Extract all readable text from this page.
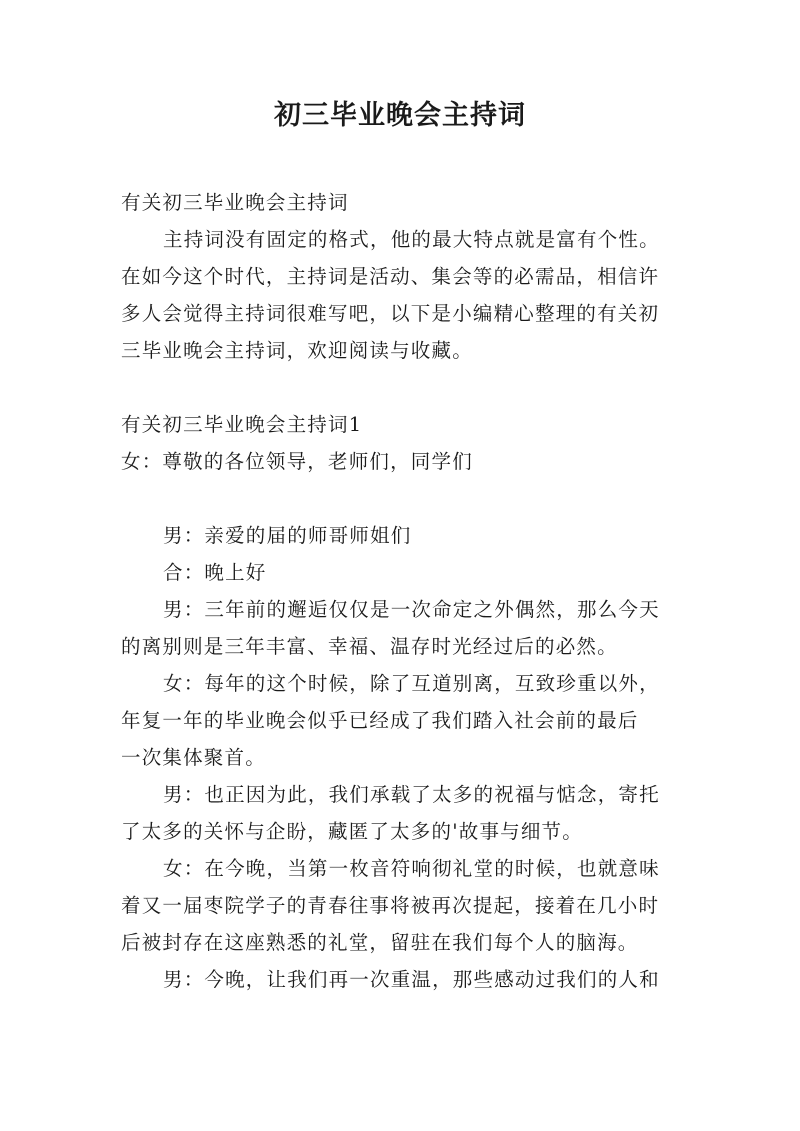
初三毕业晚会主持词
有关初三毕业晚会主持词
主持词没有固定的格式，他的最大特点就是富有个性。
在如今这个时代，主持词是活动、集会等的必需品，相信许
多人会觉得主持词很难写吧，以下是小编精心整理的有关初
三毕业晚会主持词，欢迎阅读与收藏。
有关初三毕业晚会主持词1
女：尊敬的各位领导，老师们，同学们
男：亲爱的届的师哥师姐们
合：晚上好
男：三年前的邂逅仅仅是一次命定之外偶然，那么今天
的离别则是三年丰富、幸福、温存时光经过后的必然。
女：每年的这个时候，除了互道别离，互致珍重以外，
年复一年的毕业晚会似乎已经成了我们踏入社会前的最后
一次集体聚首。
男：也正因为此，我们承载了太多的祝福与惦念，寄托
了太多的关怀与企盼，藏匿了太多的'故事与细节。
女：在今晚，当第一枚音符响彻礼堂的时候，也就意味
着又一届枣院学子的青春往事将被再次提起，接着在几小时
后被封存在这座熟悉的礼堂，留驻在我们每个人的脑海。
男：今晚，让我们再一次重温，那些感动过我们的人和
